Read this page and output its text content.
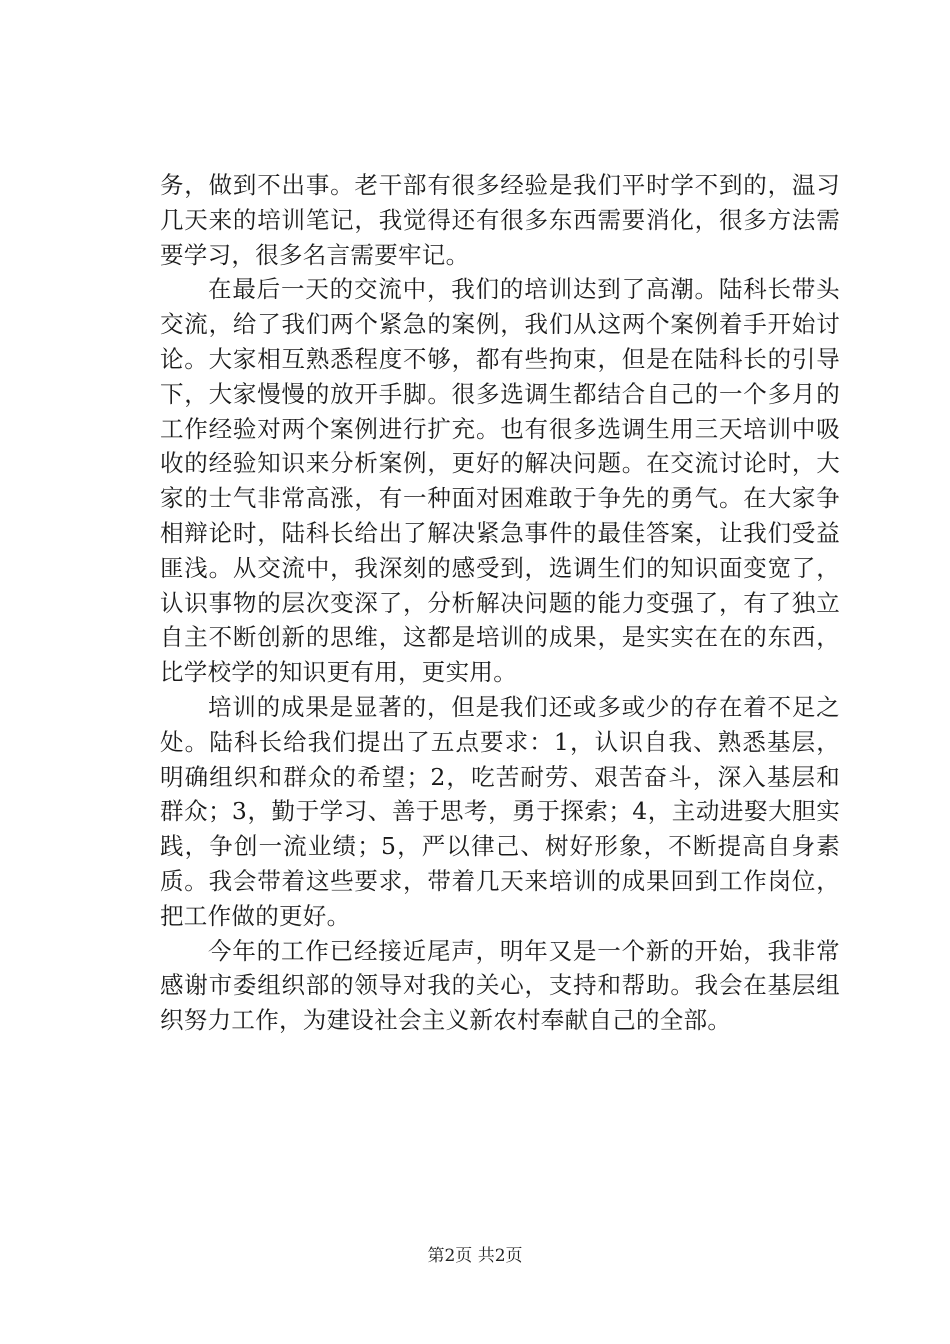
务，做到不出事。老干部有很多经验是我们平时学不到的，温习几天来的培训笔记，我觉得还有很多东西需要消化，很多方法需要学习，很多名言需要牢记。

在最后一天的交流中，我们的培训达到了高潮。陆科长带头交流，给了我们两个紧急的案例，我们从这两个案例着手开始讨论。大家相互熟悉程度不够，都有些拘束，但是在陆科长的引导下，大家慢慢的放开手脚。很多选调生都结合自己的一个多月的工作经验对两个案例进行扩充。也有很多选调生用三天培训中吸收的经验知识来分析案例，更好的解决问题。在交流讨论时，大家的士气非常高涨，有一种面对困难敢于争先的勇气。在大家争相辩论时，陆科长给出了解决紧急事件的最佳答案，让我们受益匪浅。从交流中，我深刻的感受到，选调生们的知识面变宽了，认识事物的层次变深了，分析解决问题的能力变强了，有了独立自主不断创新的思维，这都是培训的成果，是实实在在的东西，比学校学的知识更有用，更实用。

培训的成果是显著的，但是我们还或多或少的存在着不足之处。陆科长给我们提出了五点要求：1，认识自我、熟悉基层，明确组织和群众的希望；2，吃苦耐劳、艰苦奋斗，深入基层和群众；3，勤于学习、善于思考，勇于探索；4，主动进娶大胆实践，争创一流业绩；5，严以律己、树好形象，不断提高自身素质。我会带着这些要求，带着几天来培训的成果回到工作岗位，把工作做的更好。

今年的工作已经接近尾声，明年又是一个新的开始，我非常感谢市委组织部的领导对我的关心，支持和帮助。我会在基层组织努力工作，为建设社会主义新农村奉献自己的全部。

第2页 共2页
